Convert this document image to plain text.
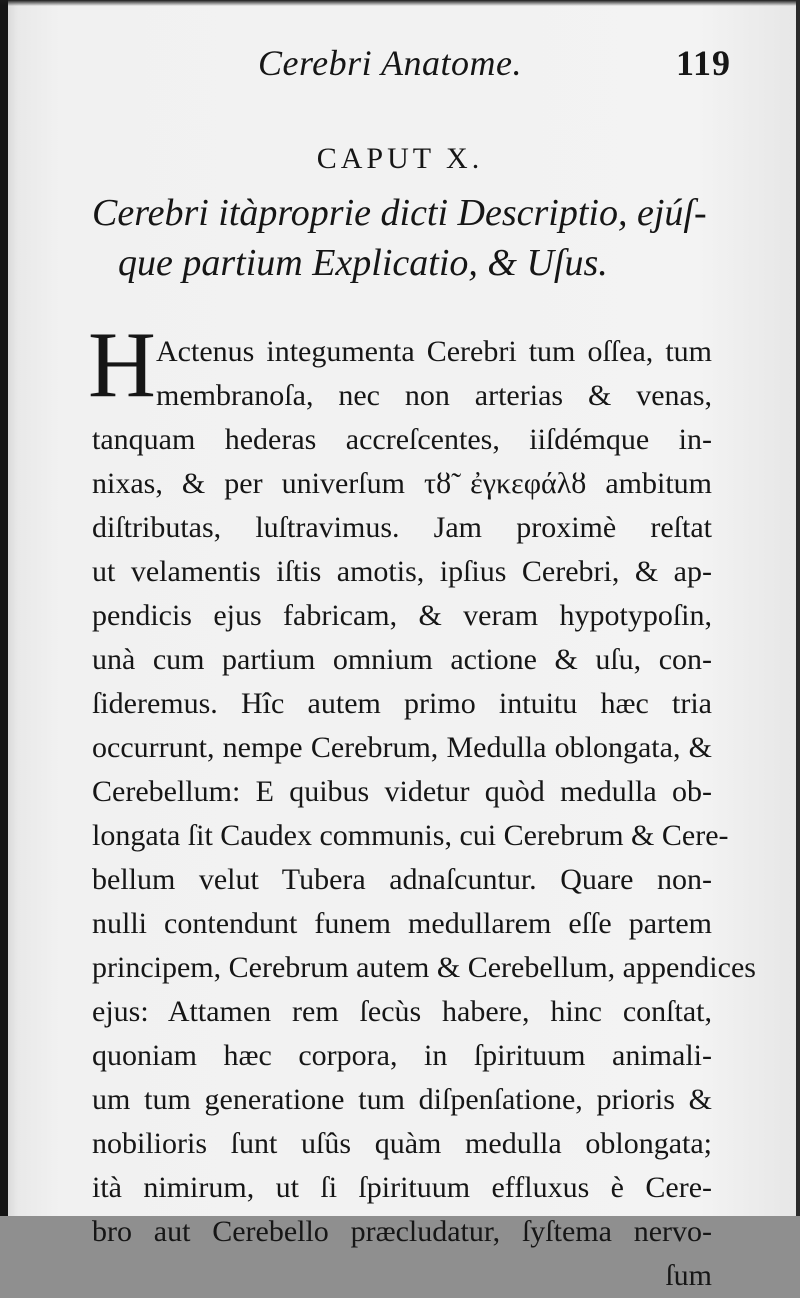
Cerebri Anatome.	119
CAPUT X.
Cerebri itàproprie dicti Descriptio, ejúſ-
que partium Explicatio, & Uſus.
H Actenus integumenta Cerebri tum oſſea, tum
membranoſa, nec non arterias & venas,
tanquam hederas accreſcentes, iiſdémque in-
nixas, & per univerſum τȣ̃ ἐγκεφάλȣ ambitum
diſtributas, luſtravimus. Jam proximè reſtat
ut velamentis iſtis amotis, ipſius Cerebri, & ap-
pendicis ejus fabricam, & veram hypotypoſin,
unà cum partium omnium actione & uſu, con-
ſideremus. Hîc autem primo intuitu hæc tria
occurrunt, nempe Cerebrum, Medulla oblongata, &
Cerebellum: E quibus videtur quòd medulla ob-
longata ſit Caudex communis, cui Cerebrum & Cere-
bellum velut Tubera adnaſcuntur. Quare non-
nulli contendunt funem medullarem eſſe partem
principem, Cerebrum autem & Cerebellum, appendices
ejus: Attamen rem ſecùs habere, hinc conſtat,
quoniam hæc corpora, in ſpirituum animali-
um tum generatione tum diſpenſatione, prioris &
nobilioris ſunt uſûs quàm medulla oblongata;
ità nimirum, ut ſi ſpirituum effluxus è Cere-
bro aut Cerebello præcludatur, ſyſtema nervo-
ſum
